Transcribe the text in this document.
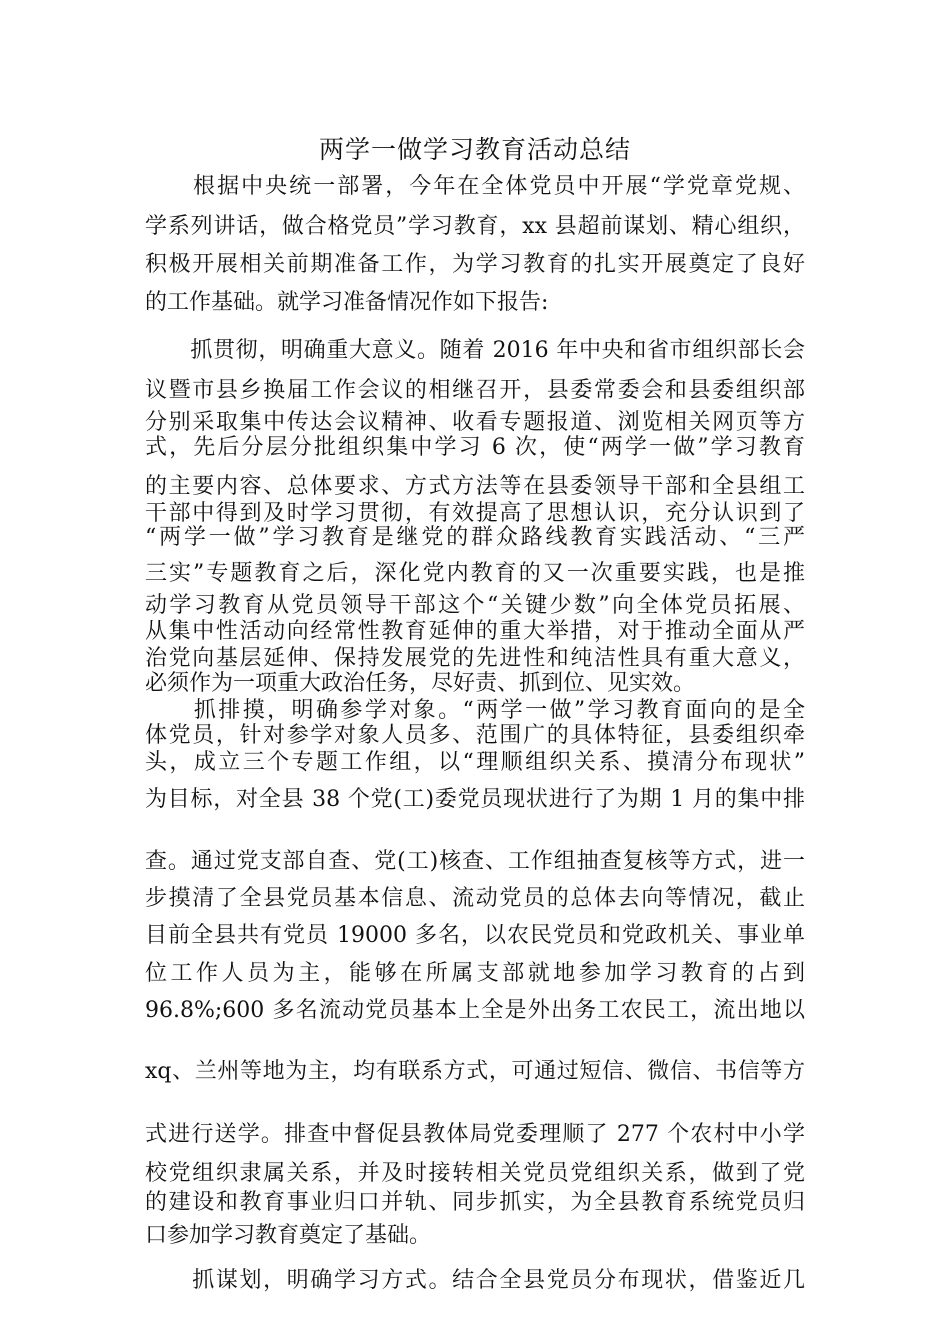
两学一做学习教育活动总结
　　根据中央统一部署，今年在全体党员中开展“学党章党规、
学系列讲话，做合格党员”学习教育，xx 县超前谋划、精心组织，
积极开展相关前期准备工作，为学习教育的扎实开展奠定了良好
的工作基础。就学习准备情况作如下报告:
　　抓贯彻，明确重大意义。随着 2016 年中央和省市组织部长会
议暨市县乡换届工作会议的相继召开，县委常委会和县委组织部
分别采取集中传达会议精神、收看专题报道、浏览相关网页等方
式，先后分层分批组织集中学习 6 次，使“两学一做”学习教育
的主要内容、总体要求、方式方法等在县委领导干部和全县组工
干部中得到及时学习贯彻，有效提高了思想认识，充分认识到了
“两学一做”学习教育是继党的群众路线教育实践活动、“三严
三实”专题教育之后，深化党内教育的又一次重要实践，也是推
动学习教育从党员领导干部这个“关键少数”向全体党员拓展、
从集中性活动向经常性教育延伸的重大举措，对于推动全面从严
治党向基层延伸、保持发展党的先进性和纯洁性具有重大意义，
必须作为一项重大政治任务，尽好责、抓到位、见实效。
　　抓排摸，明确参学对象。“两学一做”学习教育面向的是全
体党员，针对参学对象人员多、范围广的具体特征，县委组织牵
头，成立三个专题工作组，以“理顺组织关系、摸清分布现状”
为目标，对全县 38 个党(工)委党员现状进行了为期 1 月的集中排
查。通过党支部自查、党(工)核查、工作组抽查复核等方式，进一
步摸清了全县党员基本信息、流动党员的总体去向等情况，截止
目前全县共有党员 19000 多名，以农民党员和党政机关、事业单
位工作人员为主，能够在所属支部就地参加学习教育的占到
96.8%;600 多名流动党员基本上全是外出务工农民工，流出地以
xq、兰州等地为主，均有联系方式，可通过短信、微信、书信等方
式进行送学。排查中督促县教体局党委理顺了 277 个农村中小学
校党组织隶属关系，并及时接转相关党员党组织关系，做到了党
的建设和教育事业归口并轨、同步抓实，为全县教育系统党员归
口参加学习教育奠定了基础。
　　抓谋划，明确学习方式。结合全县党员分布现状，借鉴近几
